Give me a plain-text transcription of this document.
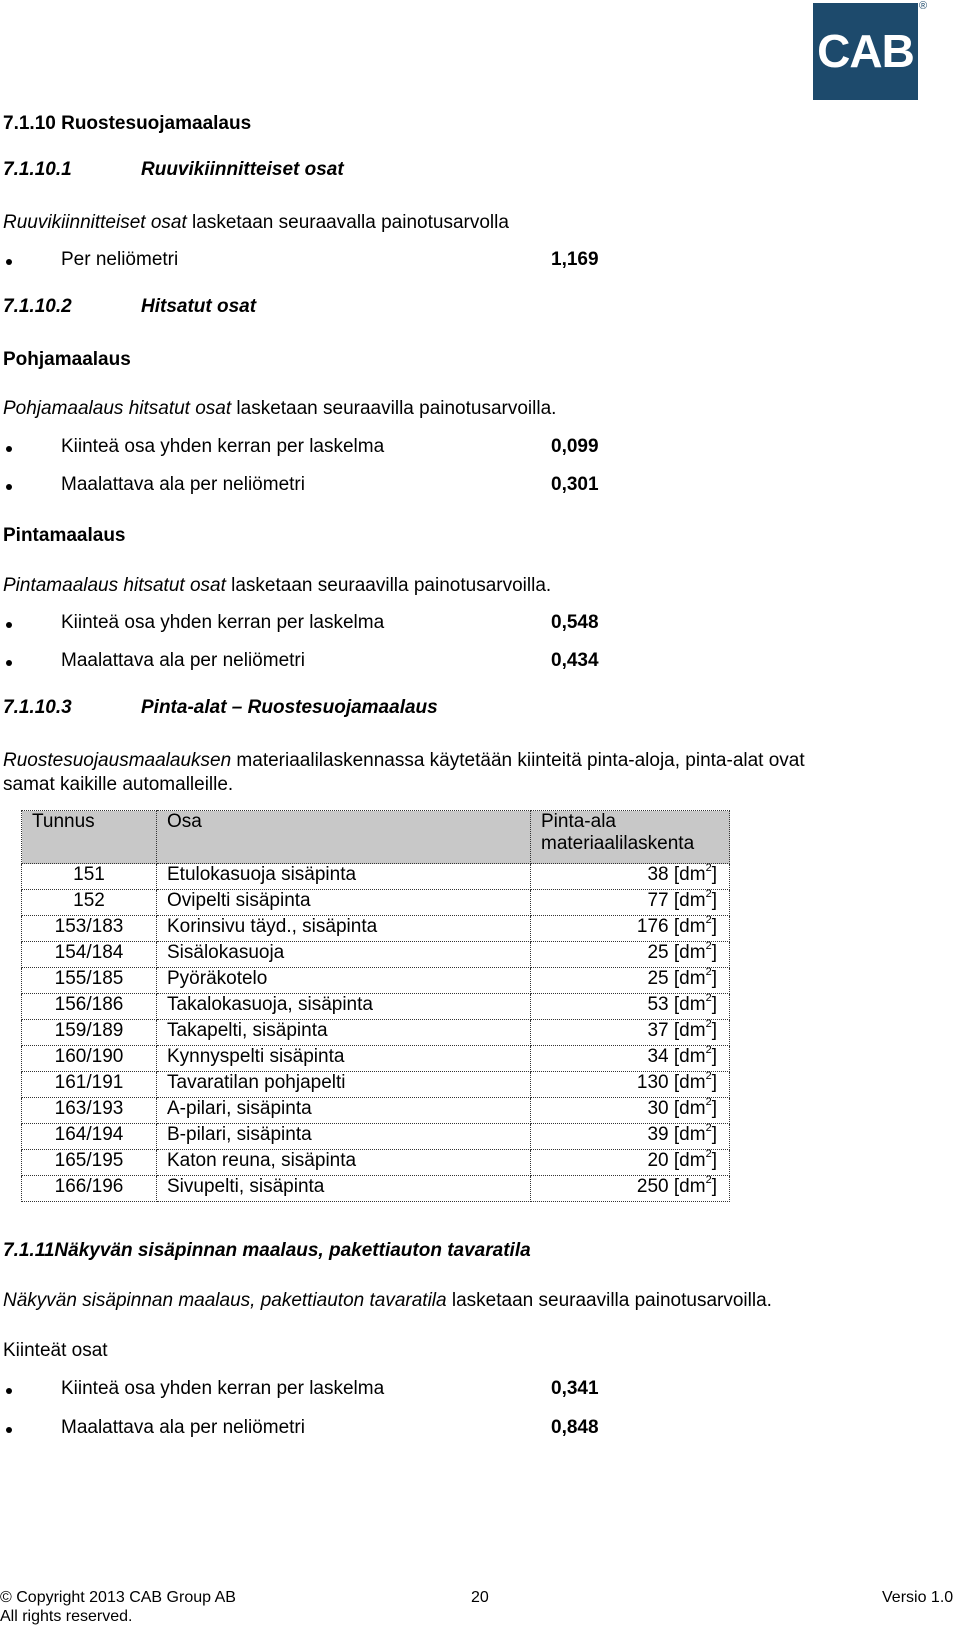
CAB
®
7.1.10 Ruostesuojamaalaus
7.1.10.1	Ruuvikiinnitteiset osat
Ruuvikiinnitteiset osat lasketaan seuraavalla painotusarvolla
Per neliömetri	1,169
7.1.10.2	Hitsatut osat
Pohjamaalaus
Pohjamaalaus hitsatut osat lasketaan seuraavilla painotusarvoilla.
Kiinteä osa yhden kerran per laskelma	0,099
Maalattava ala per neliömetri	0,301
Pintamaalaus
Pintamaalaus hitsatut osat lasketaan seuraavilla painotusarvoilla.
Kiinteä osa yhden kerran per laskelma	0,548
Maalattava ala per neliömetri	0,434
7.1.10.3	Pinta-alat – Ruostesuojamaalaus
Ruostesuojausmaalauksen materiaalilaskennassa käytetään kiinteitä pinta-aloja, pinta-alat ovat
samat kaikille automalleille.
Tunnus	Osa	Pinta-ala
materiaalilaskenta
151	Etulokasuoja sisäpinta	38 $[dm^2]$
152	Ovipelti sisäpinta	77 $[dm^2]$
153/183	Korinsivu täyd., sisäpinta	176 $[dm^2]$
154/184	Sisälokasuoja	25 $[dm^2]$
155/185	Pyöräkotelo	25 $[dm^2]$
156/186	Takalokasuoja, sisäpinta	53 $[dm^2]$
159/189	Takapelti, sisäpinta	37 $[dm^2]$
160/190	Kynnyspelti sisäpinta	34 $[dm^2]$
161/191	Tavaratilan pohjapelti	130 $[dm^2]$
163/193	A-pilari, sisäpinta	30 $[dm^2]$
164/194	B-pilari, sisäpinta	39 $[dm^2]$
165/195	Katon reuna, sisäpinta	20 $[dm^2]$
166/196	Sivupelti, sisäpinta	250 $[dm^2]$
7.1.11Näkyvän sisäpinnan maalaus, pakettiauton tavaratila
Näkyvän sisäpinnan maalaus, pakettiauton tavaratila lasketaan seuraavilla painotusarvoilla.
Kiinteät osat
Kiinteä osa yhden kerran per laskelma	0,341
Maalattava ala per neliömetri	0,848
© Copyright 2013 CAB Group AB
All rights reserved.
20	Versio 1.0
